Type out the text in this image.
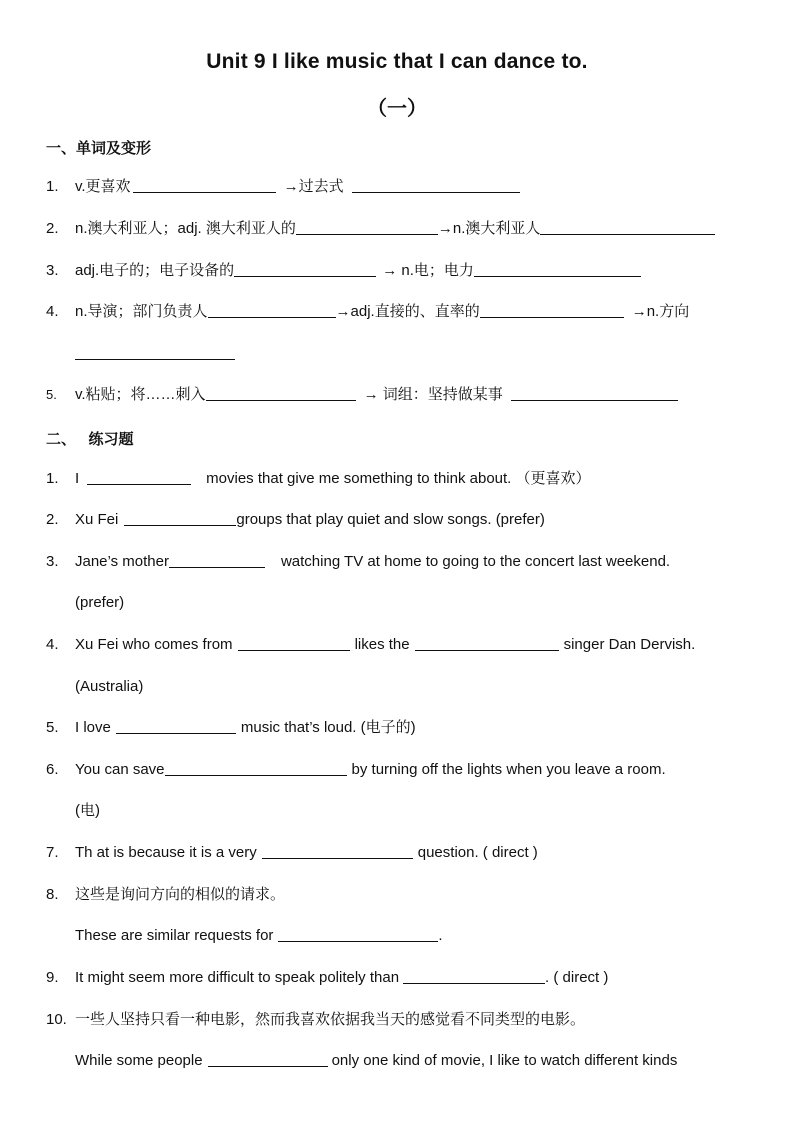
Unit 9 I like music that I can dance to.
（一）
一、单词及变形
1. v.更喜欢	→过去式
2. n.澳大利亚人；adj. 澳大利亚人的	→n.澳大利亚人
3. adj.电子的；电子设备的	→ n.电；电力
4. n.导演；部门负责人	→adj.直接的、直率的	→n.方向
5. v.粘贴；将……刺入	→ 词组：坚持做某事
二、   练习题
1. I	movies that give me something to think about. （更喜欢）
2. Xu Fei	groups that play quiet and slow songs. (prefer)
3. Jane’s mother	watching TV at home to going to the concert last weekend.
(prefer)
4. Xu Fei who comes from	likes the	singer Dan Dervish.
(Australia)
5. I love	music that’s loud. (电子的)
6. You can save	by turning off the lights when you leave a room.
(电)
7. Th at is because it is a very	question. ( direct )
8. 这些是询问方向的相似的请求。
These are similar requests for	.
9. It might seem more difficult to speak politely than	. ( direct )
10. 一些人坚持只看一种电影，然而我喜欢依据我当天的感觉看不同类型的电影。
While some people	only one kind of movie, I like to watch different kinds
